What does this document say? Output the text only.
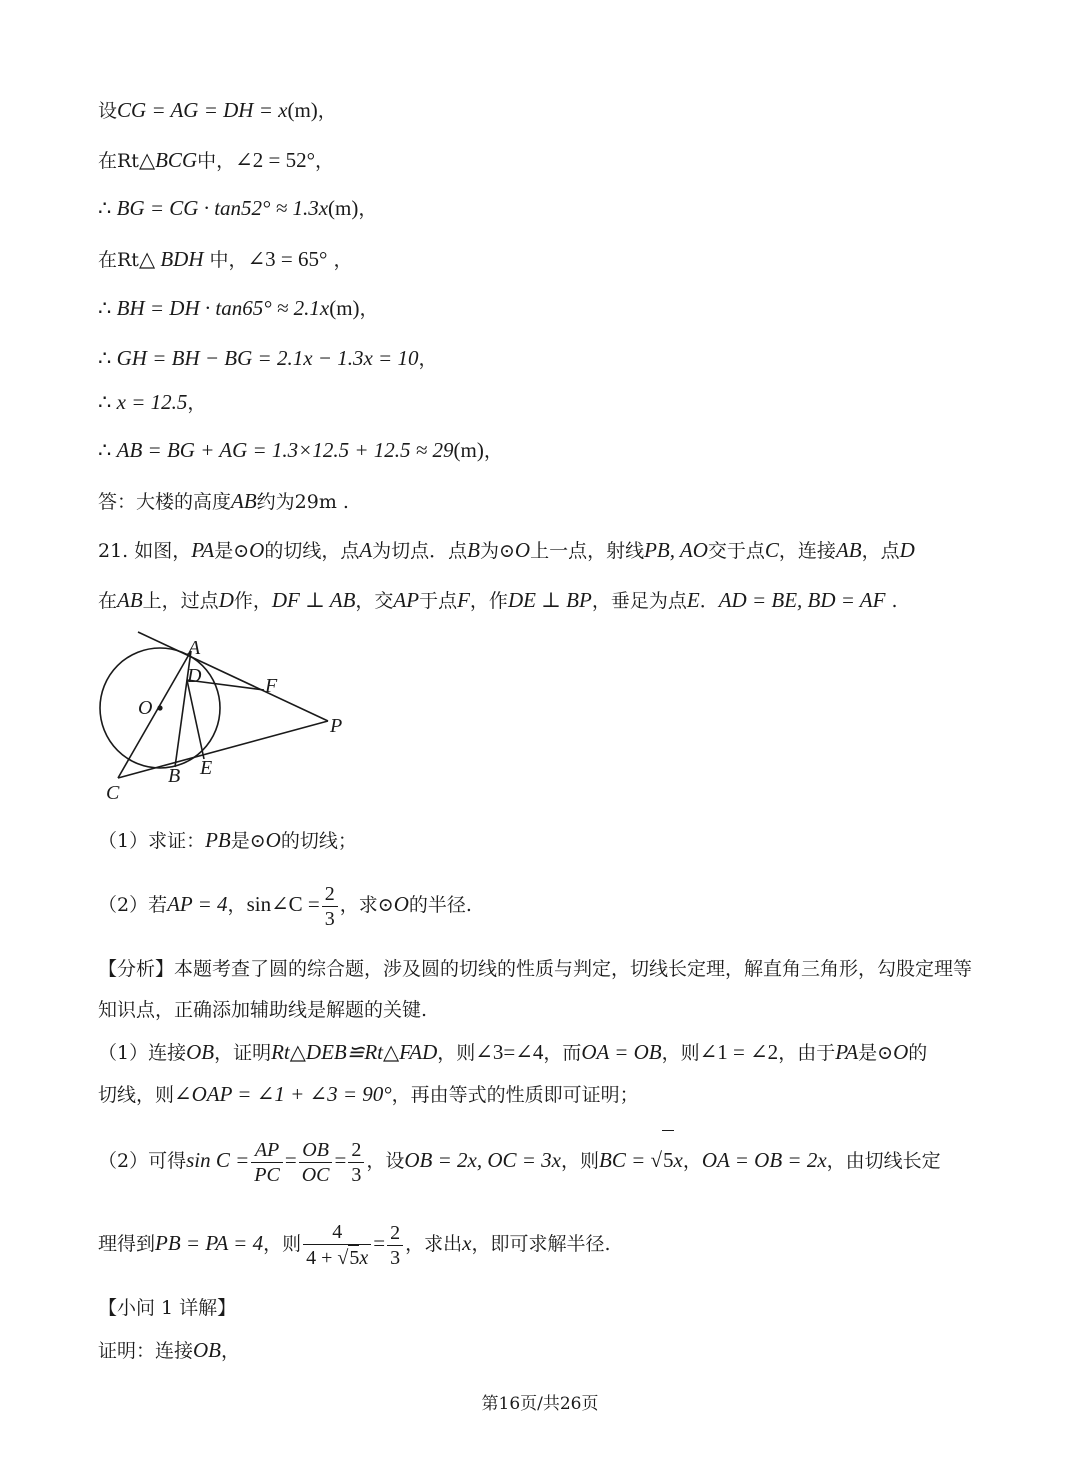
设CG = AG = DH = x(m)，
在Rt△BCG中，∠2 = 52°，
∴ BG = CG · tan52° ≈ 1.3x(m)，
在Rt△ BDH 中，∠3 = 65° ，
∴ BH = DH · tan65° ≈ 2.1x(m)，
∴ GH = BH − BG = 2.1x − 1.3x = 10，
∴ x = 12.5，
∴ AB = BG + AG = 1.3×12.5 + 12.5 ≈ 29(m)，
答：大楼的高度AB约为29m .
21. 如图，PA是⊙O的切线，点A为切点．点B为⊙O上一点，射线PB, AO交于点C，连接AB，点D
在AB上，过点D作，DF ⊥ AB，交AP于点F，作DE ⊥ BP，垂足为点E．AD = BE, BD = AF .
A
D	F
O
P
B E
C
（1）求证：PB是⊙O的切线；
（2）若AP = 4，sin∠C = $\frac{2}{3}$ ，求⊙O的半径.
【分析】本题考查了圆的综合题，涉及圆的切线的性质与判定，切线长定理，解直角三角形，勾股定理等
知识点，正确添加辅助线是解题的关键.
（1）连接OB，证明Rt△DEB≌Rt△FAD，则∠3=∠4，而OA = OB，则∠1 = ∠2，由于PA是⊙O的
切线，则∠OAP = ∠1 + ∠3 = 90°，再由等式的性质即可证明；
（2）可得$\sin C = \frac{AP}{PC} = \frac{OB}{OC} = \frac{2}{3}$ ，设OB = 2x, OC = 3x，则BC = √5x，OA = OB = 2x，由切线长定
理得到PB = PA = 4，则 $\frac{4}{4 + √5x} = \frac{2}{3}$ ，求出x，即可求解半径.
【小问 1 详解】
证明：连接OB，
第16页/共26页
